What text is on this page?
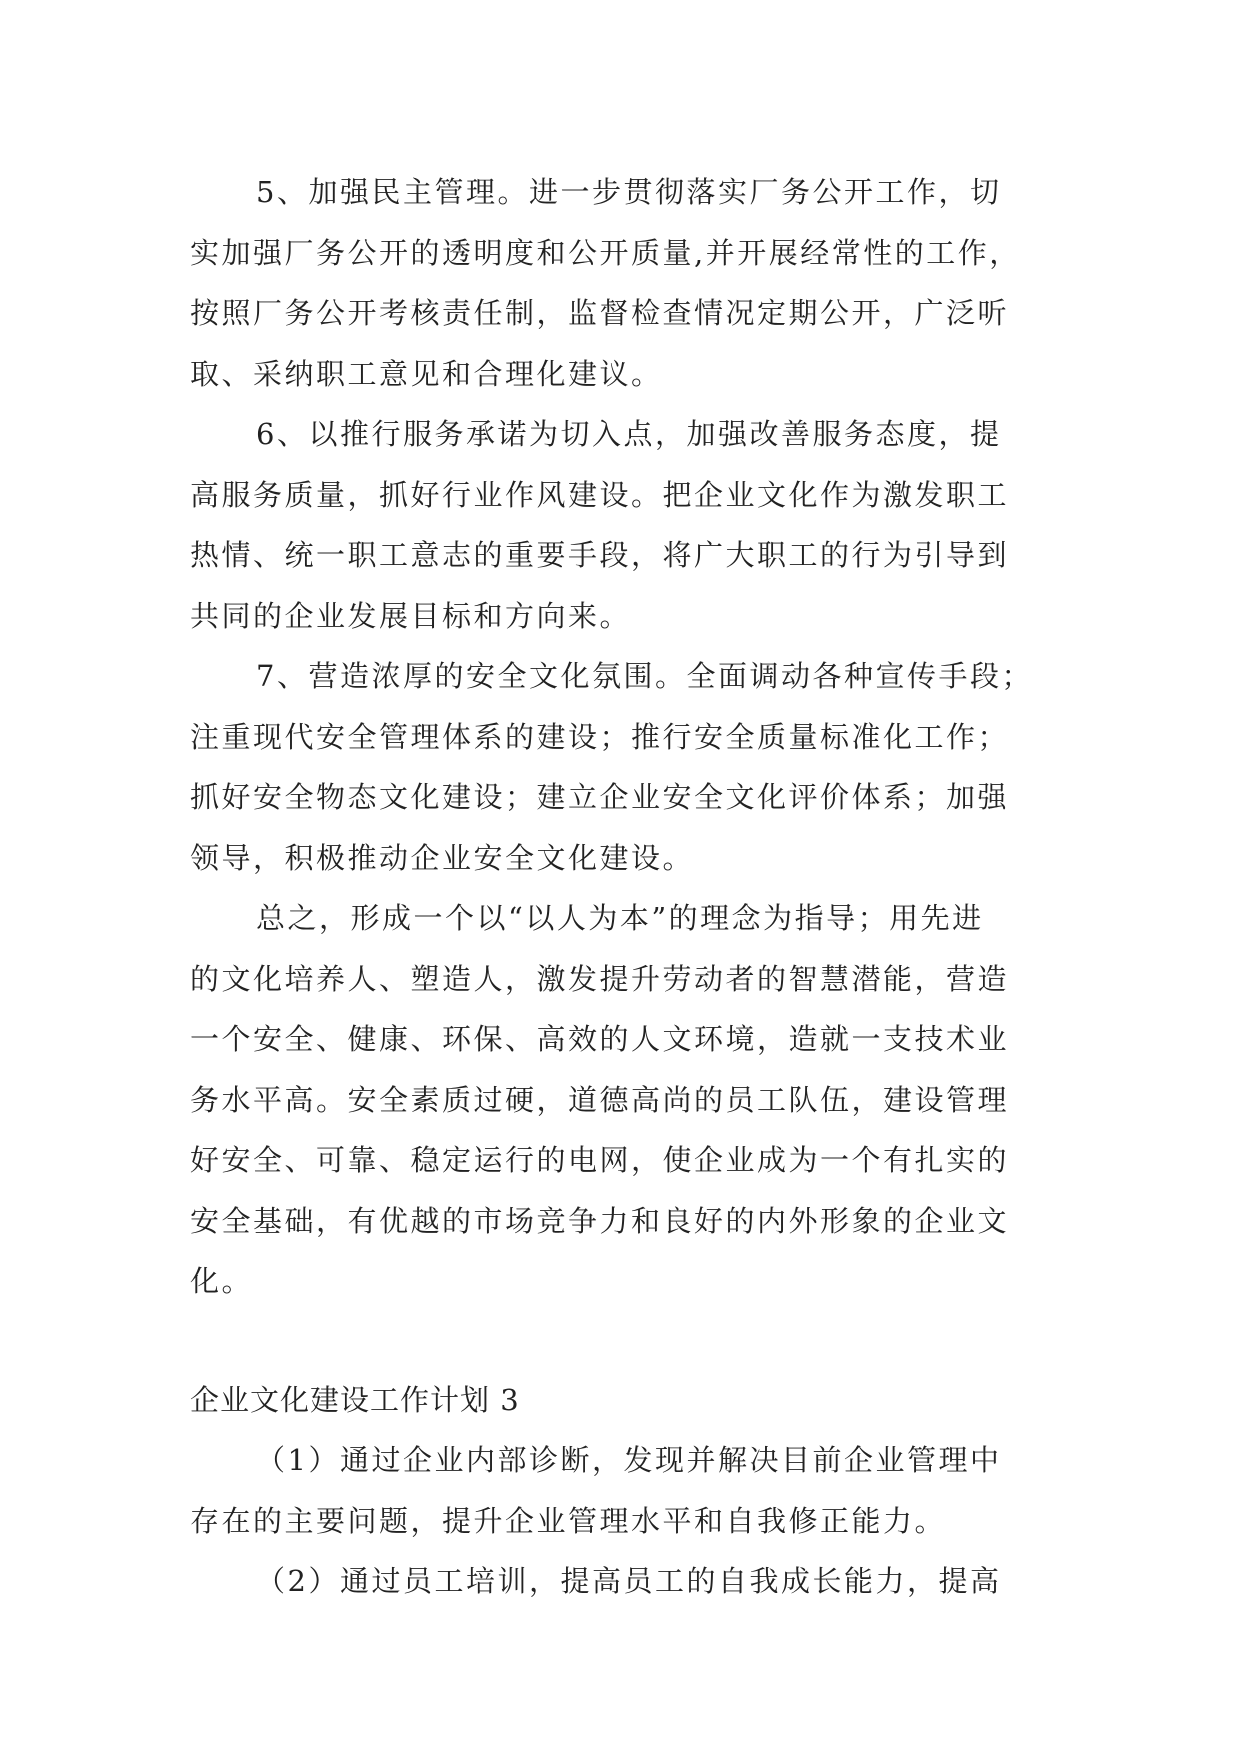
5、加强民主管理。进一步贯彻落实厂务公开工作，切
实加强厂务公开的透明度和公开质量,并开展经常性的工作，
按照厂务公开考核责任制，监督检查情况定期公开，广泛听
取、采纳职工意见和合理化建议。
6、以推行服务承诺为切入点，加强改善服务态度，提
高服务质量，抓好行业作风建设。把企业文化作为激发职工
热情、统一职工意志的重要手段，将广大职工的行为引导到
共同的企业发展目标和方向来。
7、营造浓厚的安全文化氛围。全面调动各种宣传手段；
注重现代安全管理体系的建设；推行安全质量标准化工作；
抓好安全物态文化建设；建立企业安全文化评价体系；加强
领导，积极推动企业安全文化建设。
总之，形成一个以“以人为本”的理念为指导；用先进
的文化培养人、塑造人，激发提升劳动者的智慧潜能，营造
一个安全、健康、环保、高效的人文环境，造就一支技术业
务水平高。安全素质过硬，道德高尚的员工队伍，建设管理
好安全、可靠、稳定运行的电网，使企业成为一个有扎实的
安全基础，有优越的市场竞争力和良好的内外形象的企业文
化。
企业文化建设工作计划 3
（1）通过企业内部诊断，发现并解决目前企业管理中
存在的主要问题，提升企业管理水平和自我修正能力。
（2）通过员工培训，提高员工的自我成长能力，提高
